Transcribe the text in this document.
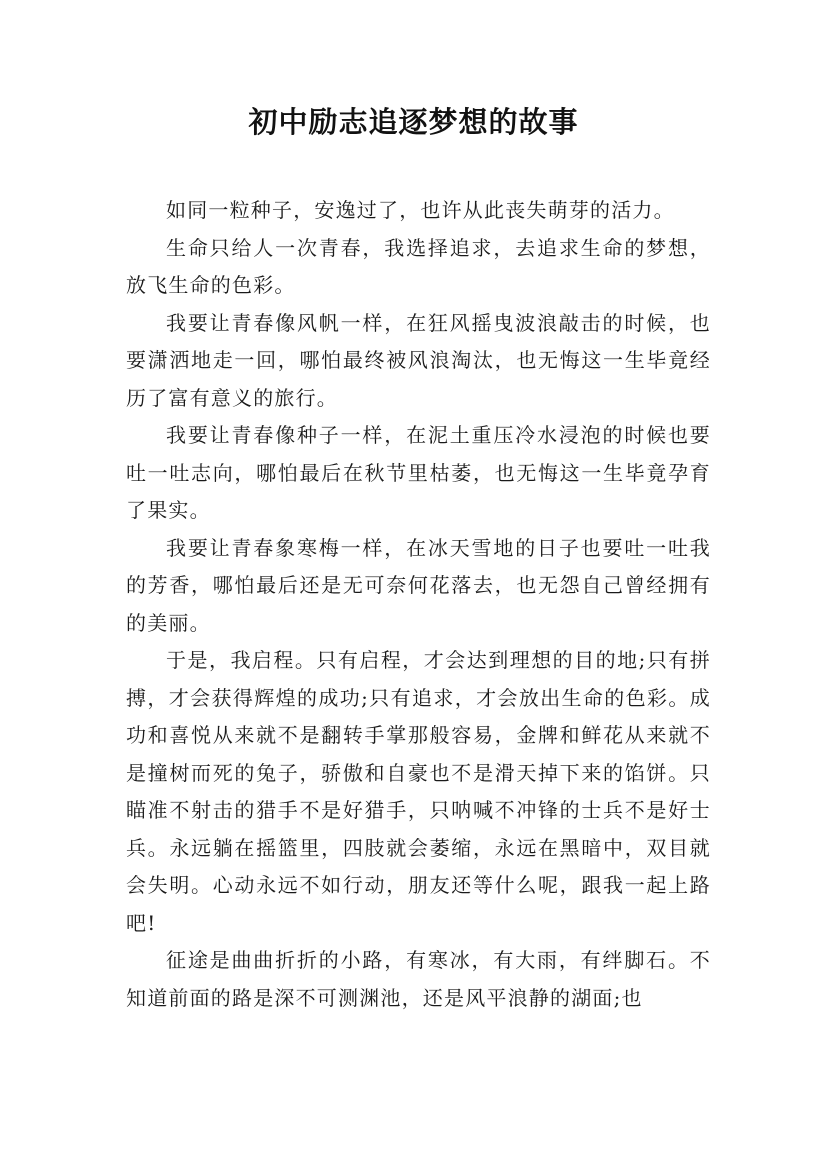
初中励志追逐梦想的故事

如同一粒种子，安逸过了，也许从此丧失萌芽的活力。

生命只给人一次青春，我选择追求，去追求生命的梦想，放飞生命的色彩。

我要让青春像风帆一样，在狂风摇曳波浪敲击的时候，也要潇洒地走一回，哪怕最终被风浪淘汰，也无悔这一生毕竟经历了富有意义的旅行。

我要让青春像种子一样，在泥土重压冷水浸泡的时候也要吐一吐志向，哪怕最后在秋节里枯萎，也无悔这一生毕竟孕育了果实。

我要让青春象寒梅一样，在冰天雪地的日子也要吐一吐我的芳香，哪怕最后还是无可奈何花落去，也无怨自己曾经拥有的美丽。

于是，我启程。只有启程，才会达到理想的目的地;只有拼搏，才会获得辉煌的成功;只有追求，才会放出生命的色彩。成功和喜悦从来就不是翻转手掌那般容易，金牌和鲜花从来就不是撞树而死的兔子，骄傲和自豪也不是滑天掉下来的馅饼。只瞄准不射击的猎手不是好猎手，只呐喊不冲锋的士兵不是好士兵。永远躺在摇篮里，四肢就会萎缩，永远在黑暗中，双目就会失明。心动永远不如行动，朋友还等什么呢，跟我一起上路吧!

征途是曲曲折折的小路，有寒冰，有大雨，有绊脚石。不知道前面的路是深不可测渊池，还是风平浪静的湖面;也
